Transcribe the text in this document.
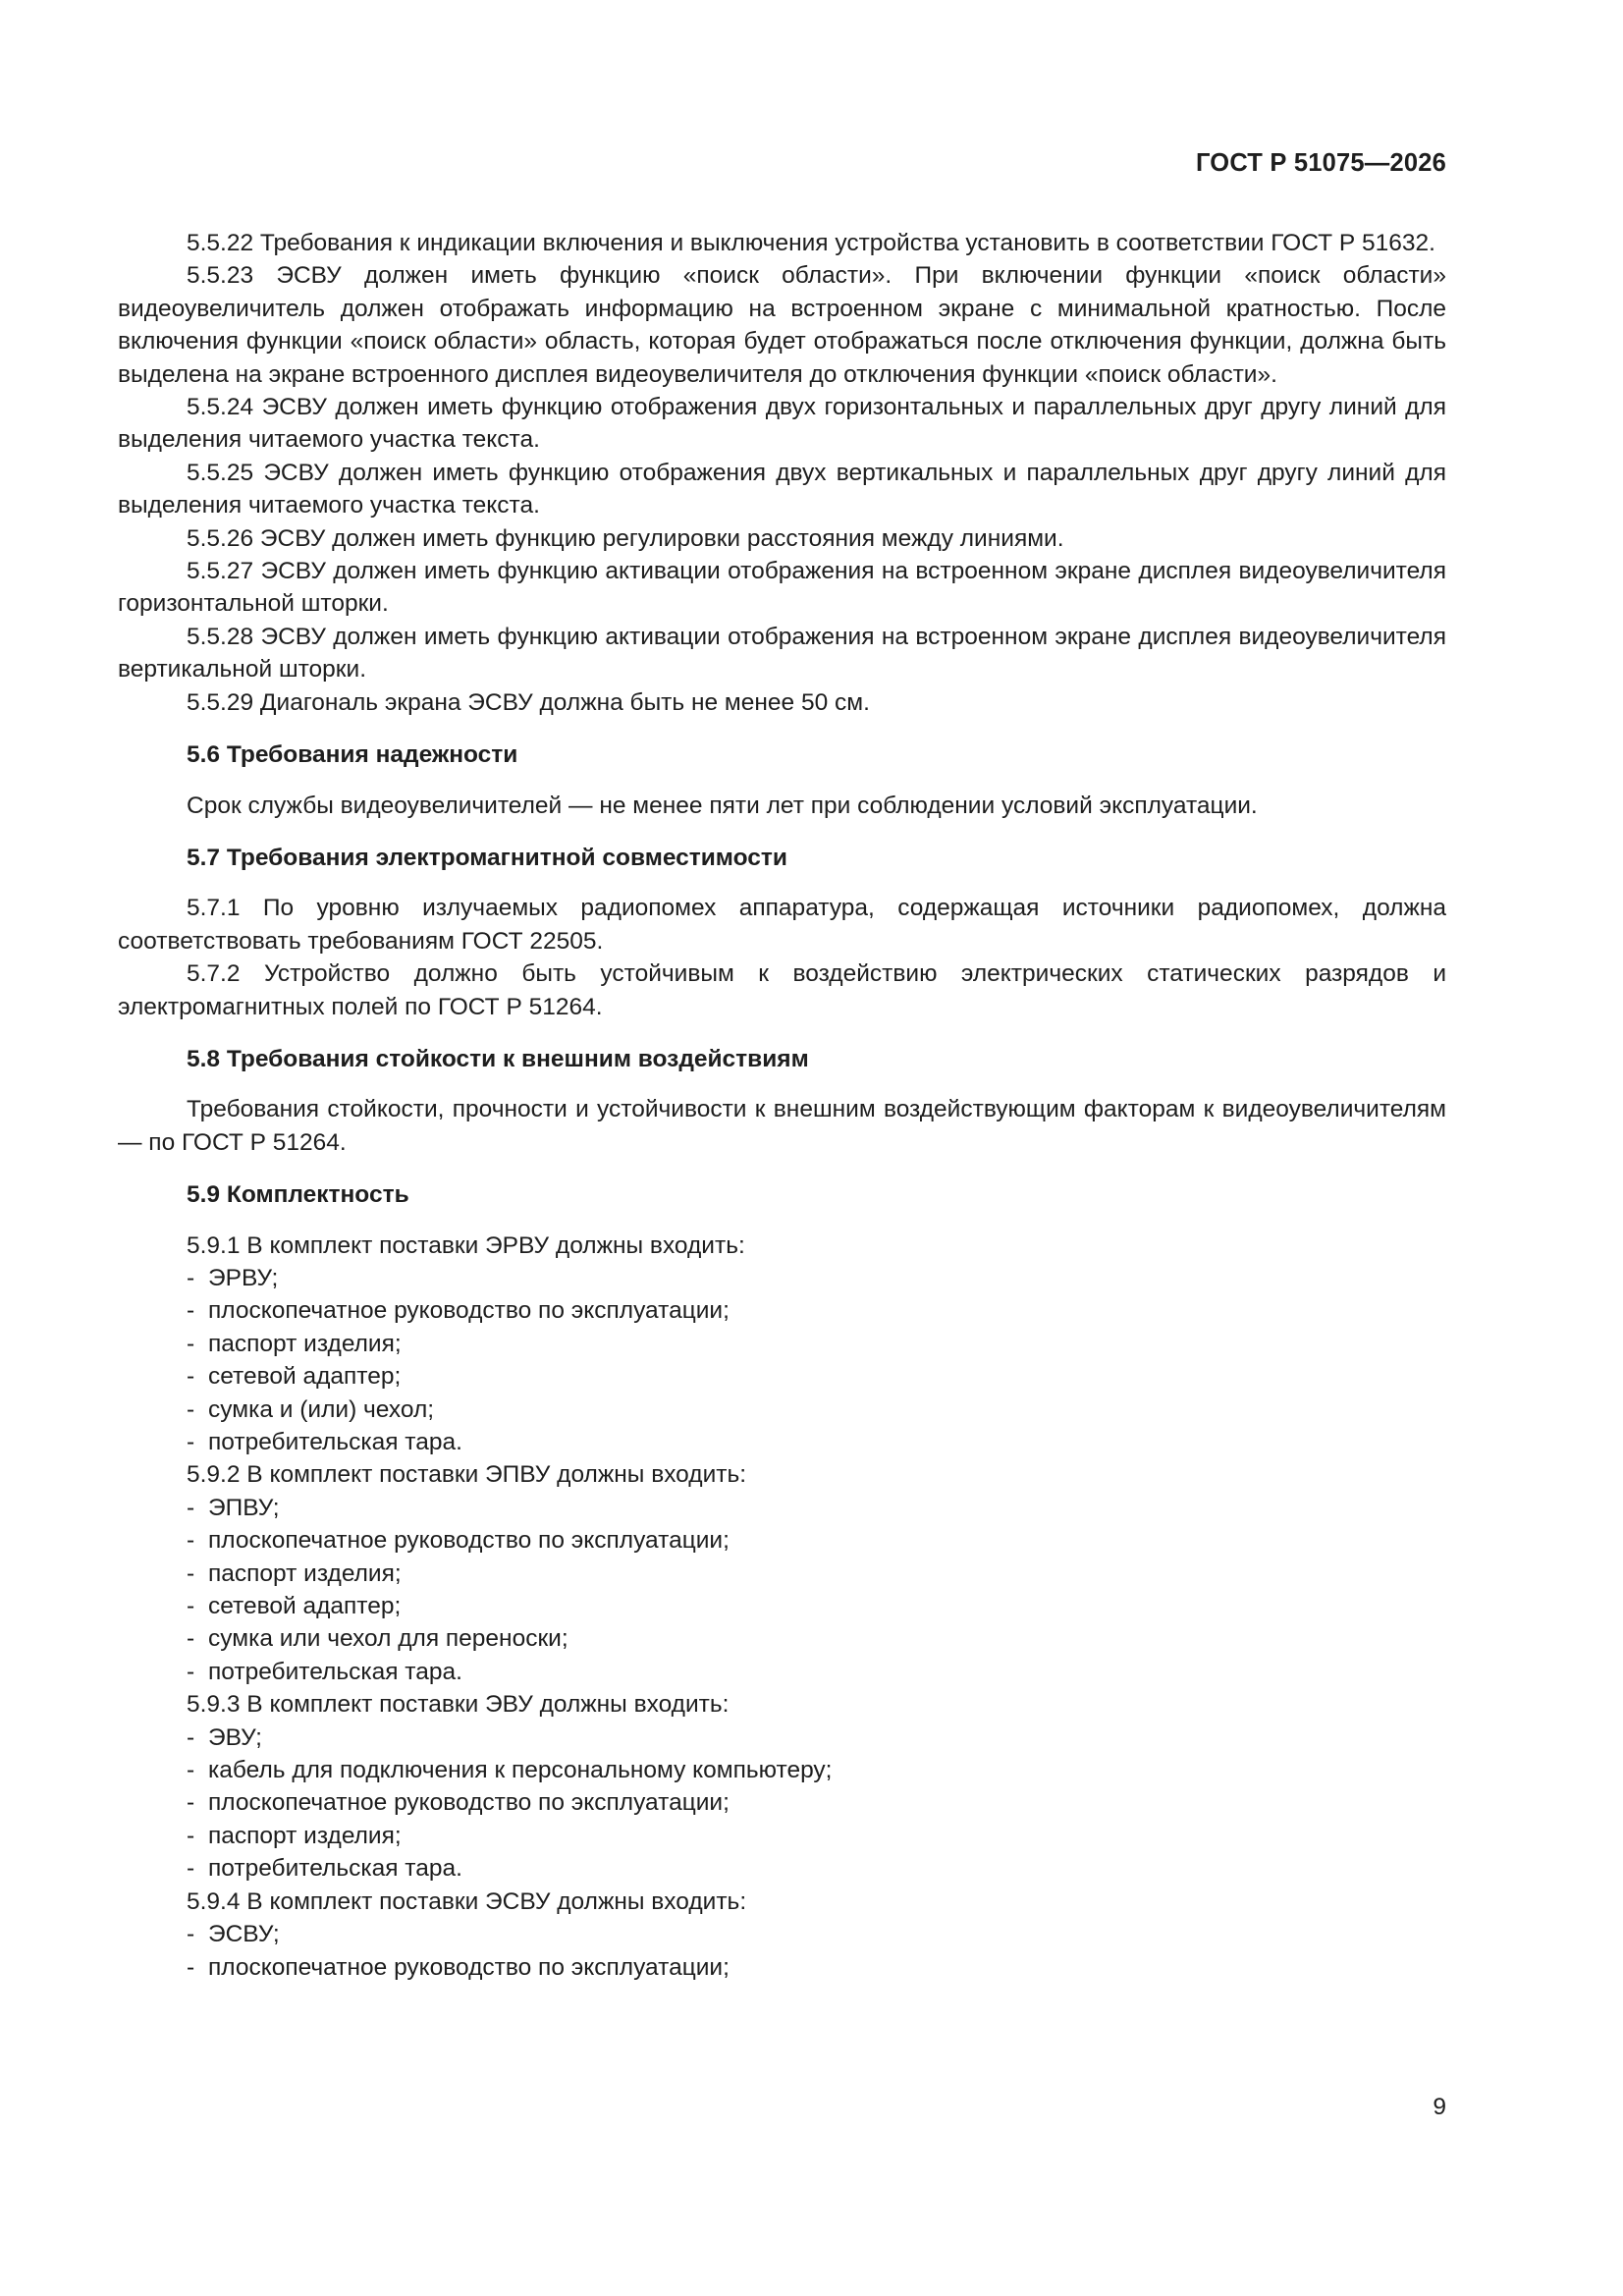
ГОСТ Р 51075—2026

5.5.22 Требования к индикации включения и выключения устройства установить в соответствии ГОСТ Р 51632.

5.5.23 ЭСВУ должен иметь функцию «поиск области». При включении функции «поиск области» видеоувеличитель должен отображать информацию на встроенном экране с минимальной кратностью. После включения функции «поиск области» область, которая будет отображаться после отключения функции, должна быть выделена на экране встроенного дисплея видеоувеличителя до отключения функции «поиск области».

5.5.24 ЭСВУ должен иметь функцию отображения двух горизонтальных и параллельных друг другу линий для выделения читаемого участка текста.

5.5.25 ЭСВУ должен иметь функцию отображения двух вертикальных и параллельных друг другу линий для выделения читаемого участка текста.

5.5.26 ЭСВУ должен иметь функцию регулировки расстояния между линиями.

5.5.27 ЭСВУ должен иметь функцию активации отображения на встроенном экране дисплея видеоувеличителя горизонтальной шторки.

5.5.28 ЭСВУ должен иметь функцию активации отображения на встроенном экране дисплея видеоувеличителя вертикальной шторки.

5.5.29 Диагональ экрана ЭСВУ должна быть не менее 50 см.

5.6 Требования надежности

Срок службы видеоувеличителей — не менее пяти лет при соблюдении условий эксплуатации.

5.7 Требования электромагнитной совместимости

5.7.1 По уровню излучаемых радиопомех аппаратура, содержащая источники радиопомех, должна соответствовать требованиям ГОСТ 22505.

5.7.2 Устройство должно быть устойчивым к воздействию электрических статических разрядов и электромагнитных полей по ГОСТ Р 51264.

5.8 Требования стойкости к внешним воздействиям

Требования стойкости, прочности и устойчивости к внешним воздействующим факторам к видеоувеличителям — по ГОСТ Р 51264.

5.9 Комплектность

5.9.1 В комплект поставки ЭРВУ должны входить:

- ЭРВУ;
- плоскопечатное руководство по эксплуатации;
- паспорт изделия;
- сетевой адаптер;
- сумка и (или) чехол;
- потребительская тара.

5.9.2 В комплект поставки ЭПВУ должны входить:

- ЭПВУ;
- плоскопечатное руководство по эксплуатации;
- паспорт изделия;
- сетевой адаптер;
- сумка или чехол для переноски;
- потребительская тара.

5.9.3 В комплект поставки ЭВУ должны входить:

- ЭВУ;
- кабель для подключения к персональному компьютеру;
- плоскопечатное руководство по эксплуатации;
- паспорт изделия;
- потребительская тара.

5.9.4 В комплект поставки ЭСВУ должны входить:

- ЭСВУ;
- плоскопечатное руководство по эксплуатации;
9
